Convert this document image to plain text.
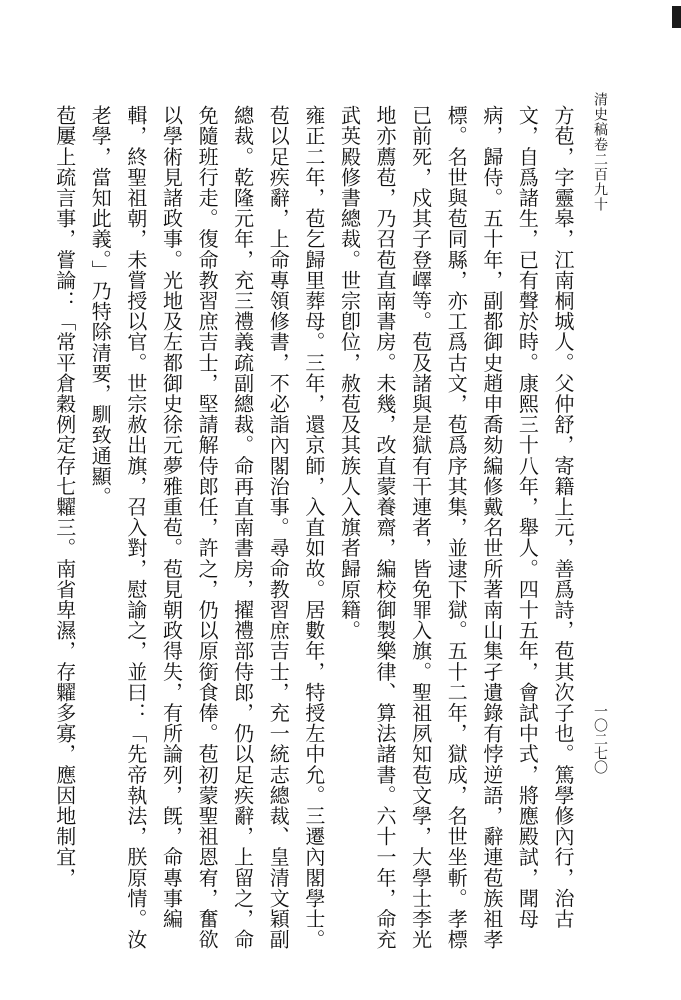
清史稿卷二百九十
一〇二七〇

方苞，字靈皋，江南桐城人。父仲舒，寄籍上元，善爲詩，苞其次子也。篤學修內行，治古文，自爲諸生，已有聲於時。康熙三十八年，舉人。四十五年，會試中式，將應殿試，聞母病，歸侍。五十年，副都御史趙申喬劾編修戴名世所著南山集孑遺錄有悖逆語，辭連苞族祖孝標。名世與苞同縣，亦工爲古文，苞爲序其集，並逮下獄。五十二年，獄成，名世坐斬。孝標已前死，戍其子登嶧等。苞及諸與是獄有干連者，皆免罪入旗。聖祖夙知苞文學，大學士李光地亦薦苞，乃召苞直南書房。未幾，改直蒙養齋，編校御製樂律、算法諸書。六十一年，命充武英殿修書總裁。世宗卽位，赦苞及其族人入旗者歸原籍。

雍正二年，苞乞歸里葬母。三年，還京師，入直如故。居數年，特授左中允。三遷內閣學士。苞以足疾辭，上命專領修書，不必詣內閣治事。尋命教習庶吉士，充一統志總裁、皇清文穎副總裁。乾隆元年，充三禮義疏副總裁。命再直南書房，擢禮部侍郎，仍以足疾辭，上留之，命免隨班行走。復命教習庶吉士，堅請解侍郎任，許之，仍以原銜食俸。苞初蒙聖祖恩宥，奮欲以學術見諸政事。光地及左都御史徐元夢雅重苞。苞見朝政得失，有所論列，旣，命專事編輯，終聖祖朝，未嘗授以官。世宗赦出旗，召入對，慰諭之，並曰：「先帝執法，朕原情。汝老學，當知此義。」乃特除清要，馴致通顯。

苞屢上疏言事，嘗論：「常平倉穀例定存七糶三。南省卑濕，存糶多寡，應因地制宜，
